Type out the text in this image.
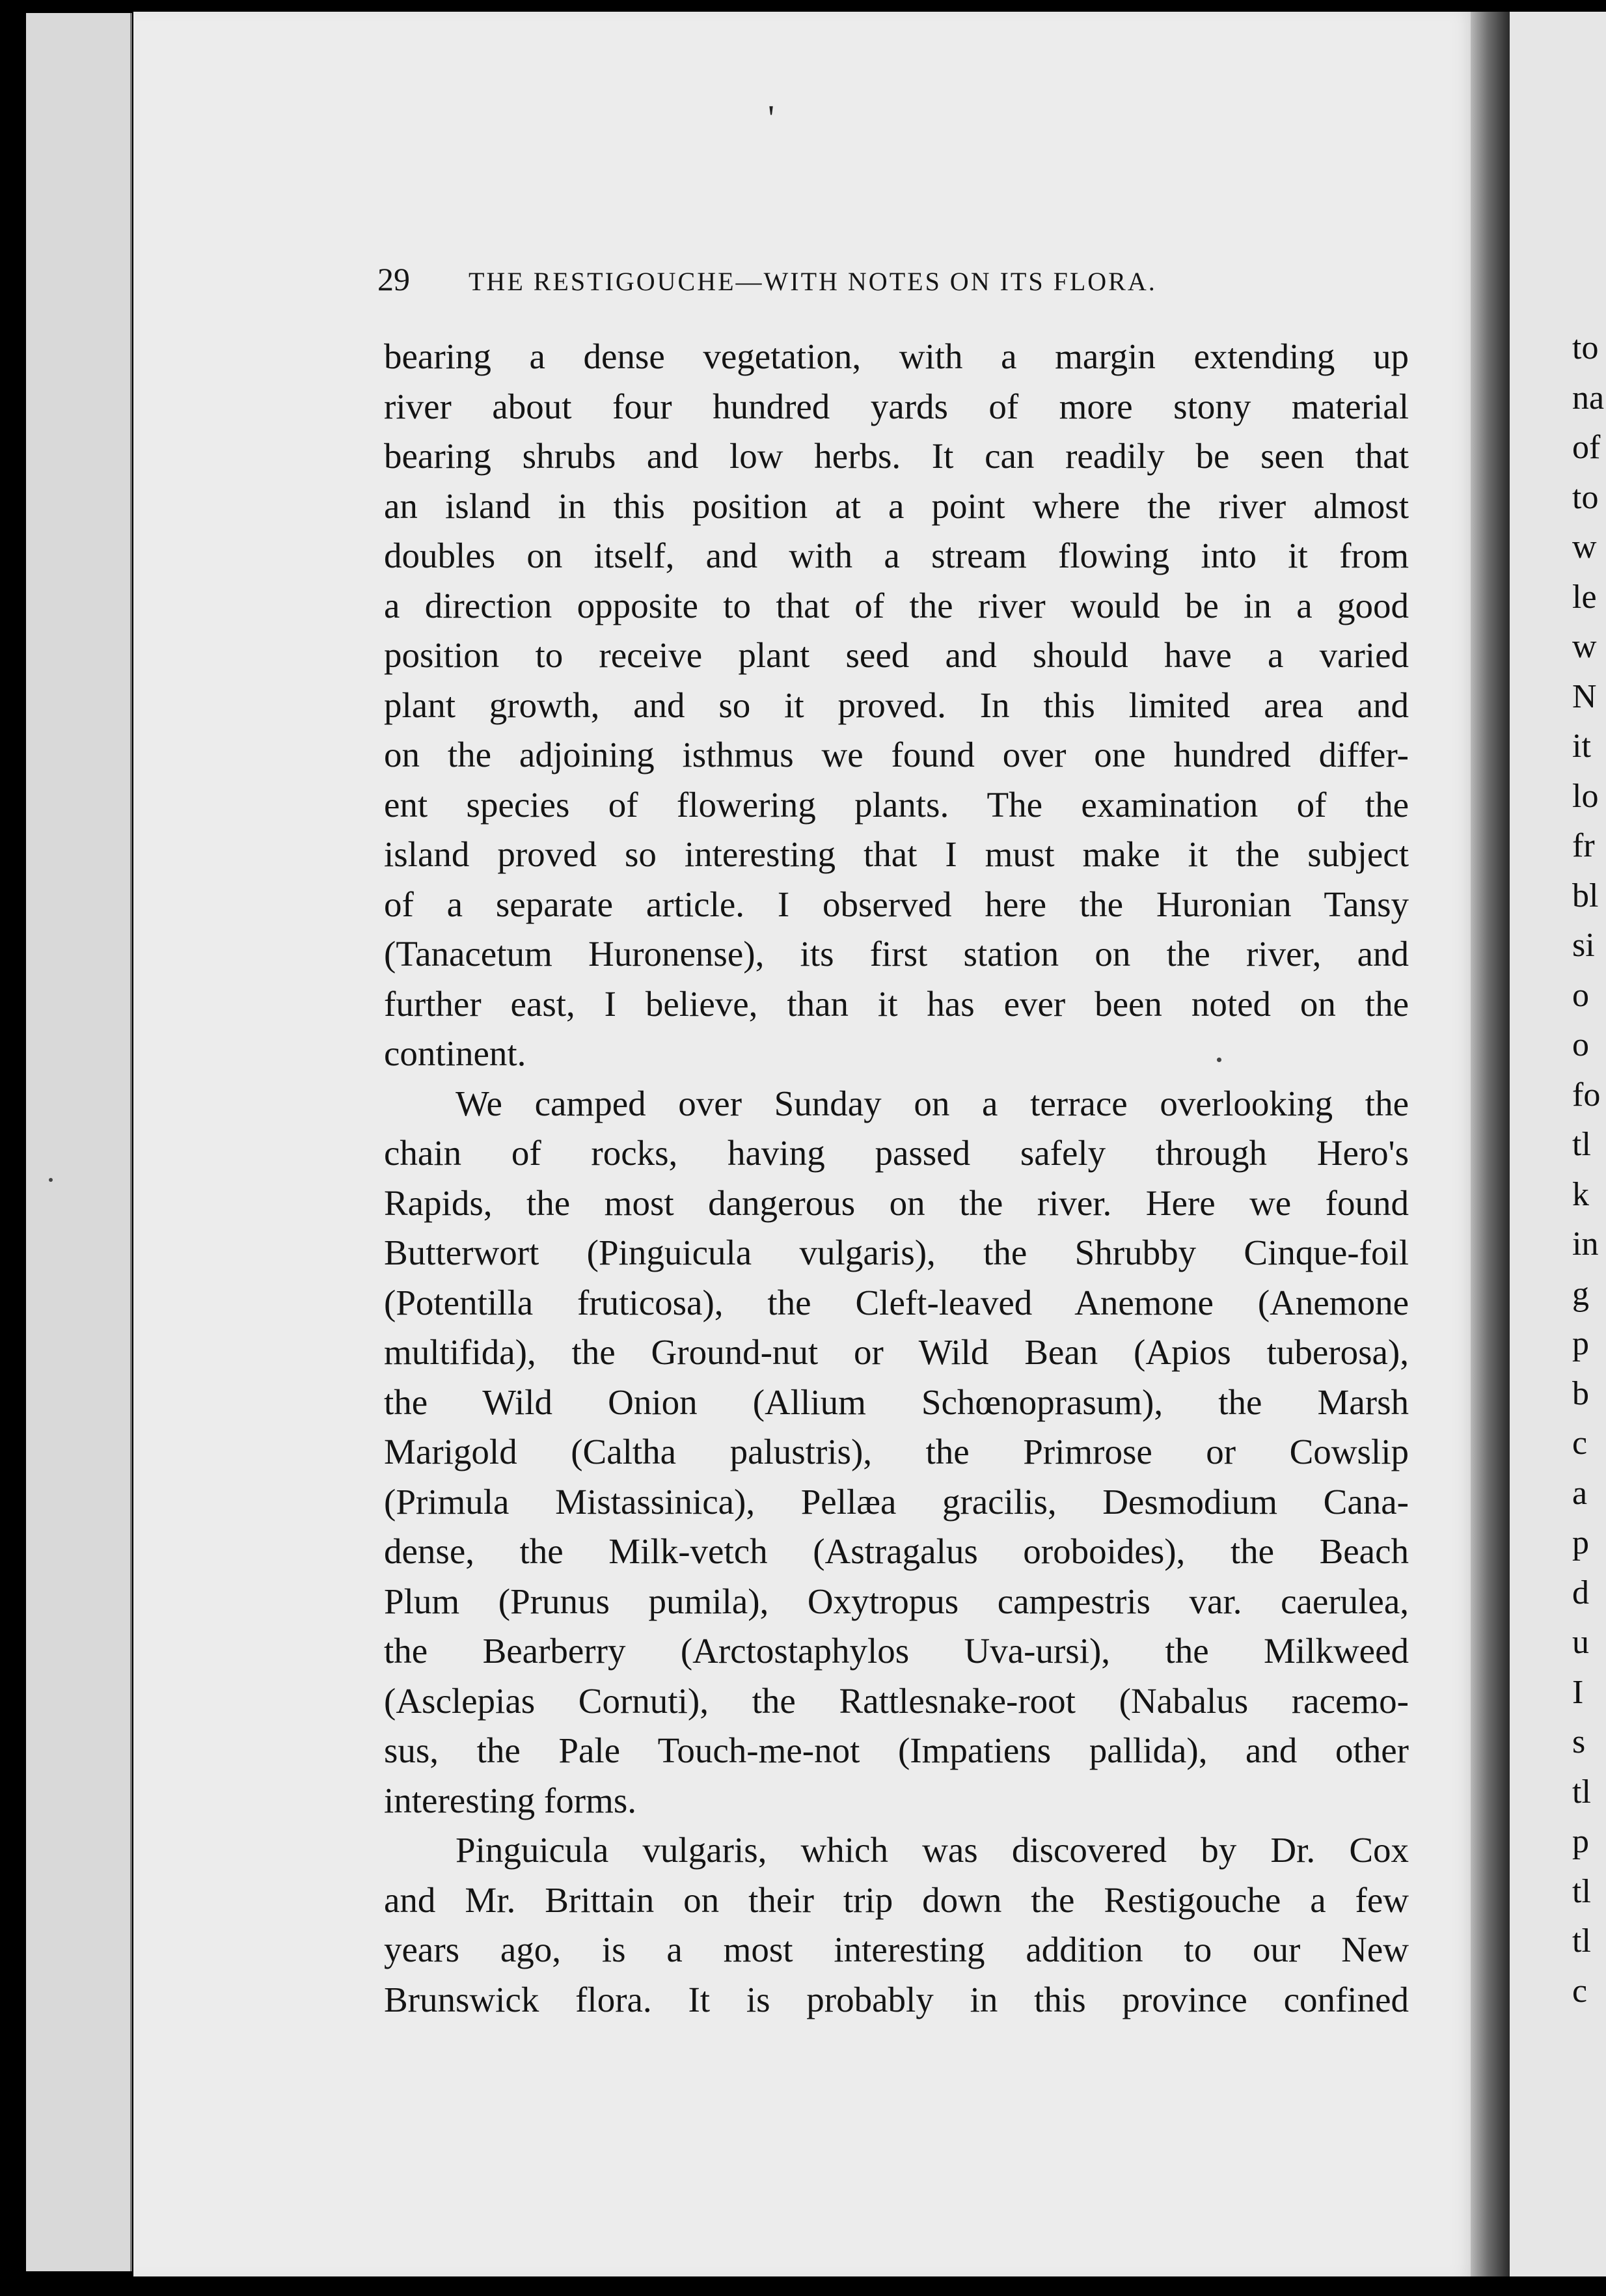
'
29 THE RESTIGOUCHE—WITH NOTES ON ITS FLORA.
bearing a dense vegetation, with a margin extending up
river about four hundred yards of more stony material
bearing shrubs and low herbs. It can readily be seen that
an island in this position at a point where the river almost
doubles on itself, and with a stream flowing into it from
a direction opposite to that of the river would be in a good
position to receive plant seed and should have a varied
plant growth, and so it proved. In this limited area and
on the adjoining isthmus we found over one hundred differ-
ent species of flowering plants. The examination of the
island proved so interesting that I must make it the subject
of a separate article. I observed here the Huronian Tansy
(Tanacetum Huronense), its first station on the river, and
further east, I believe, than it has ever been noted on the
continent.
We camped over Sunday on a terrace overlooking the
chain of rocks, having passed safely through Hero's
Rapids, the most dangerous on the river. Here we found
Butterwort (Pinguicula vulgaris), the Shrubby Cinque-foil
(Potentilla fruticosa), the Cleft-leaved Anemone (Anemone
multifida), the Ground-nut or Wild Bean (Apios tuberosa),
the Wild Onion (Allium Schœnoprasum), the Marsh
Marigold (Caltha palustris), the Primrose or Cowslip
(Primula Mistassinica), Pellæa gracilis, Desmodium Cana-
dense, the Milk-vetch (Astragalus oroboides), the Beach
Plum (Prunus pumila), Oxytropus campestris var. caerulea,
the Bearberry (Arctostaphylos Uva-ursi), the Milkweed
(Asclepias Cornuti), the Rattlesnake-root (Nabalus racemo-
sus, the Pale Touch-me-not (Impatiens pallida), and other
interesting forms.
Pinguicula vulgaris, which was discovered by Dr. Cox
and Mr. Brittain on their trip down the Restigouche a few
years ago, is a most interesting addition to our New
Brunswick flora. It is probably in this province confined
to
na
of
to
w
le
w
N
it
lo
fr
bl
si
o
o
fo
tl
k
in
g
p
b
c
a
p
d
u
I
s
tl
p
tl
tl
c
